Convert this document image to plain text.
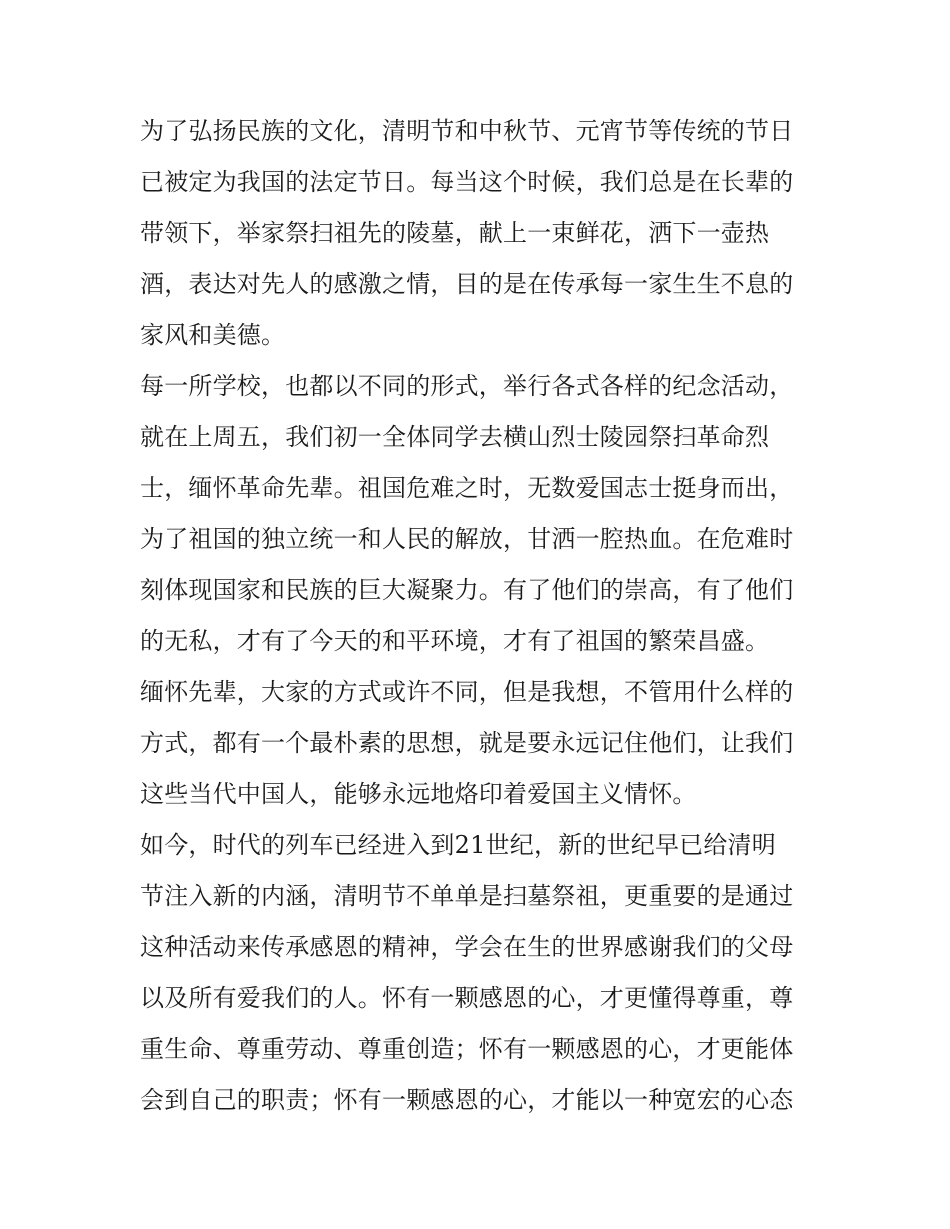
为了弘扬民族的文化，清明节和中秋节、元宵节等传统的节日
已被定为我国的法定节日。每当这个时候，我们总是在长辈的
带领下，举家祭扫祖先的陵墓，献上一束鲜花，洒下一壶热
酒，表达对先人的感激之情，目的是在传承每一家生生不息的
家风和美德。
每一所学校，也都以不同的形式，举行各式各样的纪念活动，
就在上周五，我们初一全体同学去横山烈士陵园祭扫革命烈
士，缅怀革命先辈。祖国危难之时，无数爱国志士挺身而出，
为了祖国的独立统一和人民的解放，甘洒一腔热血。在危难时
刻体现国家和民族的巨大凝聚力。有了他们的崇高，有了他们
的无私，才有了今天的和平环境，才有了祖国的繁荣昌盛。
缅怀先辈，大家的方式或许不同，但是我想，不管用什么样的
方式，都有一个最朴素的思想，就是要永远记住他们，让我们
这些当代中国人，能够永远地烙印着爱国主义情怀。
如今，时代的列车已经进入到21世纪，新的世纪早已给清明
节注入新的内涵，清明节不单单是扫墓祭祖，更重要的是通过
这种活动来传承感恩的精神，学会在生的世界感谢我们的父母
以及所有爱我们的人。怀有一颗感恩的心，才更懂得尊重，尊
重生命、尊重劳动、尊重创造；怀有一颗感恩的心，才更能体
会到自己的职责；怀有一颗感恩的心，才能以一种宽宏的心态
